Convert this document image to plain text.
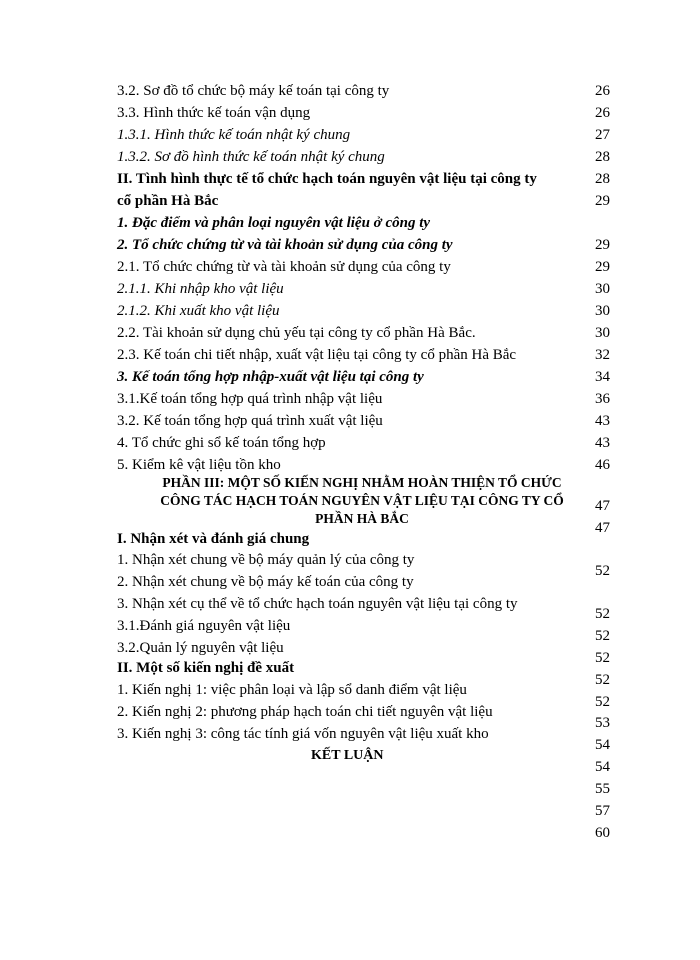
3.2. Sơ đồ tổ chức bộ máy kế toán tại công ty
3.3. Hình thức kế toán vận dụng
1.3.1. Hình thức kế toán nhật ký chung
1.3.2. Sơ đồ hình thức kế toán nhật ký chung
II. Tình hình thực tế tổ chức hạch toán nguyên vật liệu tại công ty
cổ phần Hà Bắc
1. Đặc điểm và phân loại nguyên vật liệu ở công ty
2. Tổ chức chứng từ và tài khoản sử dụng của công ty
2.1. Tổ chức chứng từ và tài khoản sử dụng của công ty
2.1.1. Khi nhập kho vật liệu
2.1.2. Khi xuất kho vật liệu
2.2. Tài khoản sử dụng chủ yếu tại công ty cổ phần Hà Bắc.
2.3. Kế toán chi tiết nhập, xuất vật liệu tại công ty cổ phần Hà Bắc
3. Kế toán tổng hợp nhập-xuất vật liệu tại công ty
3.1.Kế toán tổng hợp quá trình nhập vật liệu
3.2. Kế toán tổng hợp quá trình xuất vật liệu
4. Tổ chức ghi sổ kế toán tổng hợp
5. Kiểm kê vật liệu tồn kho
PHẦN III: MỘT SỐ KIẾN NGHỊ NHẰM HOÀN THIỆN TỔ CHỨC
CÔNG TÁC HẠCH TOÁN NGUYÊN VẬT LIỆU TẠI CÔNG TY CỔ
PHẦN HÀ BẮC
I. Nhận xét và đánh giá chung
1. Nhận xét chung về bộ máy quản lý của công ty
2. Nhận xét chung về bộ máy kế toán của công ty
3. Nhận xét cụ thể về tổ chức hạch toán nguyên vật liệu tại công ty
3.1.Đánh giá nguyên vật liệu
3.2.Quản lý nguyên vật liệu
II. Một số kiến nghị đề xuất
1. Kiến nghị 1: việc phân loại và lập sổ danh điểm vật liệu
2. Kiến nghị 2: phương pháp hạch toán chi tiết nguyên vật liệu
3. Kiến nghị 3: công tác tính giá vốn nguyên vật liệu xuất kho
KẾT LUẬN
26
26
27
28
28
29
29
29
30
30
30
32
34
36
43
43
46
47
47
52
52
52
52
52
52
53
54
54
55
57
60
